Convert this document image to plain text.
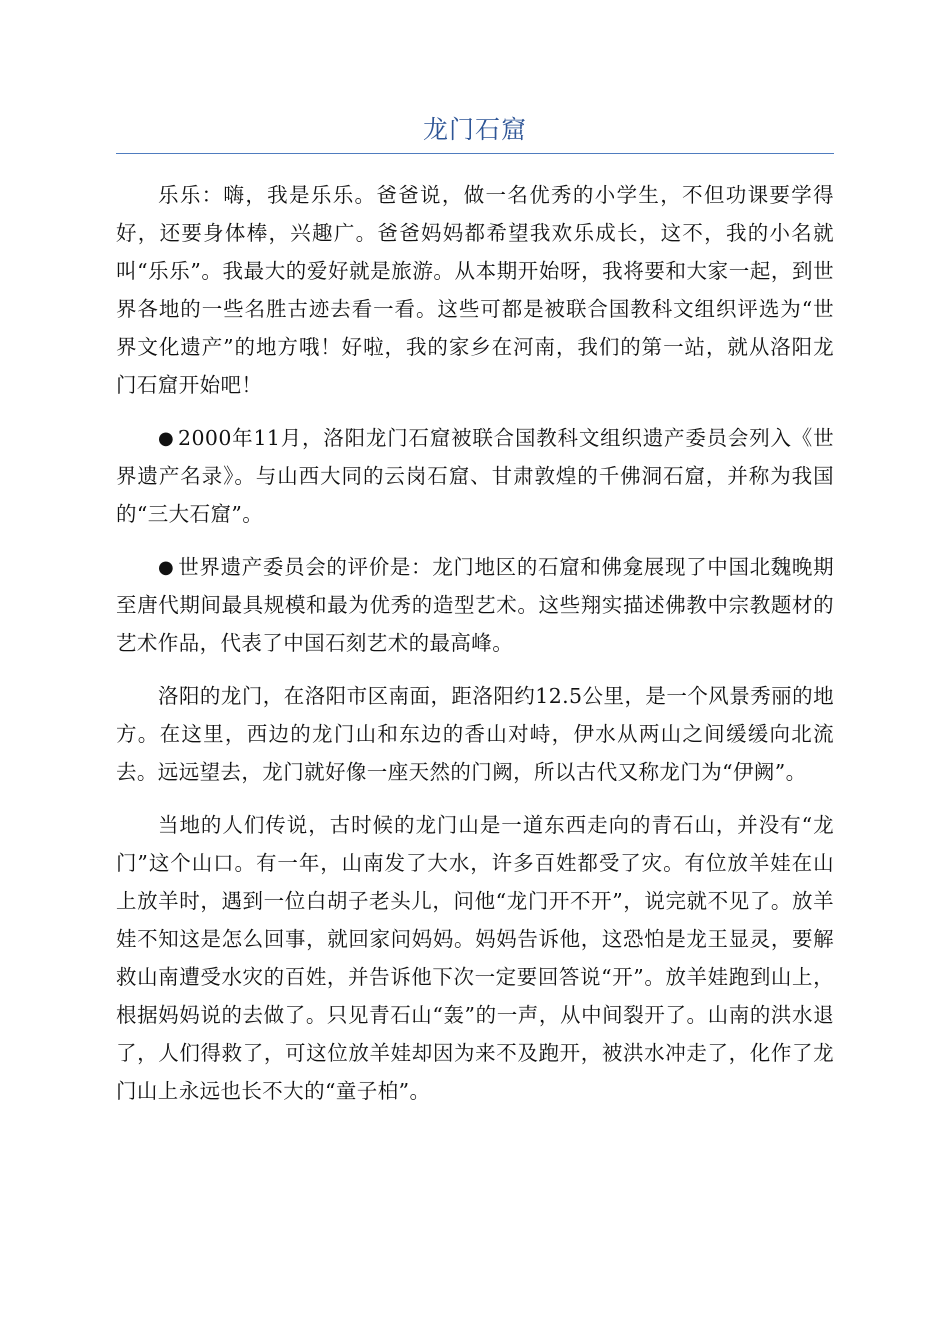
龙门石窟

乐乐：嗨，我是乐乐。爸爸说，做一名优秀的小学生，不但功课要学得好，还要身体棒，兴趣广。爸爸妈妈都希望我欢乐成长，这不，我的小名就叫“乐乐”。我最大的爱好就是旅游。从本期开始呀，我将要和大家一起，到世界各地的一些名胜古迹去看一看。这些可都是被联合国教科文组织评选为“世界文化遗产”的地方哦！好啦，我的家乡在河南，我们的第一站，就从洛阳龙门石窟开始吧！

● 2000年11月，洛阳龙门石窟被联合国教科文组织遗产委员会列入《世界遗产名录》。与山西大同的云岗石窟、甘肃敦煌的千佛洞石窟，并称为我国的“三大石窟”。

● 世界遗产委员会的评价是：龙门地区的石窟和佛龛展现了中国北魏晚期至唐代期间最具规模和最为优秀的造型艺术。这些翔实描述佛教中宗教题材的艺术作品，代表了中国石刻艺术的最高峰。

洛阳的龙门，在洛阳市区南面，距洛阳约12.5公里，是一个风景秀丽的地方。在这里，西边的龙门山和东边的香山对峙，伊水从两山之间缓缓向北流去。远远望去，龙门就好像一座天然的门阙，所以古代又称龙门为“伊阙”。

当地的人们传说，古时候的龙门山是一道东西走向的青石山，并没有“龙门”这个山口。有一年，山南发了大水，许多百姓都受了灾。有位放羊娃在山上放羊时，遇到一位白胡子老头儿，问他“龙门开不开”，说完就不见了。放羊娃不知这是怎么回事，就回家问妈妈。妈妈告诉他，这恐怕是龙王显灵，要解救山南遭受水灾的百姓，并告诉他下次一定要回答说“开”。放羊娃跑到山上，根据妈妈说的去做了。只见青石山“轰”的一声，从中间裂开了。山南的洪水退了，人们得救了，可这位放羊娃却因为来不及跑开，被洪水冲走了，化作了龙门山上永远也长不大的“童子柏”。
